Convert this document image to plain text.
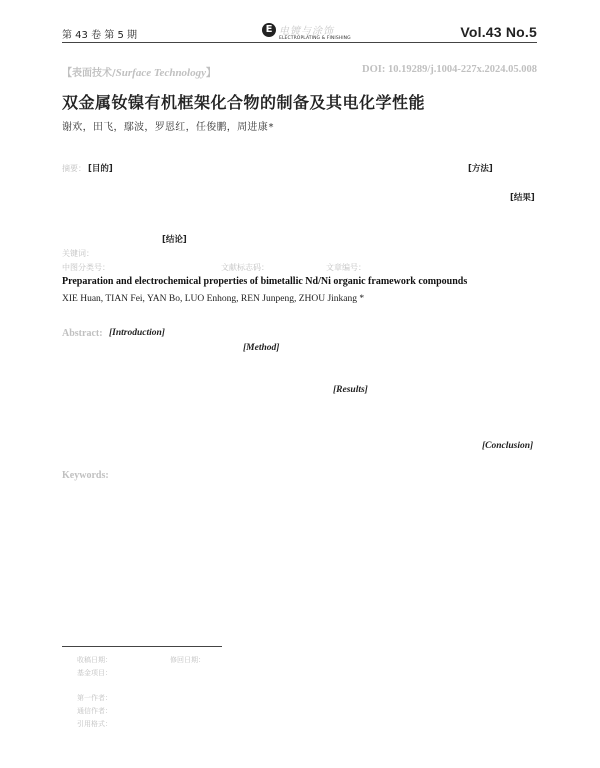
第 43 卷 第 5 期
E 电镀与涂饰
ELECTROPLATING & FINISHING	Vol.43 No.5
【表面技术/Surface Technology】	DOI: 10.19289/j.1004-227x.2024.05.008
双金属钕镍有机框架化合物的制备及其电化学性能
谢欢，田飞，鄢波，罗恩红，任俊鹏，周进康*
摘要： [目的]	[方法]
[结果]
[结论]
关键词：
中图分类号：	文献标志码：	文章编号：
Preparation and electrochemical properties of bimetallic Nd/Ni organic framework compounds
XIE Huan, TIAN Fei, YAN Bo, LUO Enhong, REN Junpeng, ZHOU Jinkang *
Abstract: [Introduction]
[Method]
[Results]
[Conclusion]
Keywords:
收稿日期：	修回日期：
基金项目：
第一作者：
通信作者：
引用格式：
